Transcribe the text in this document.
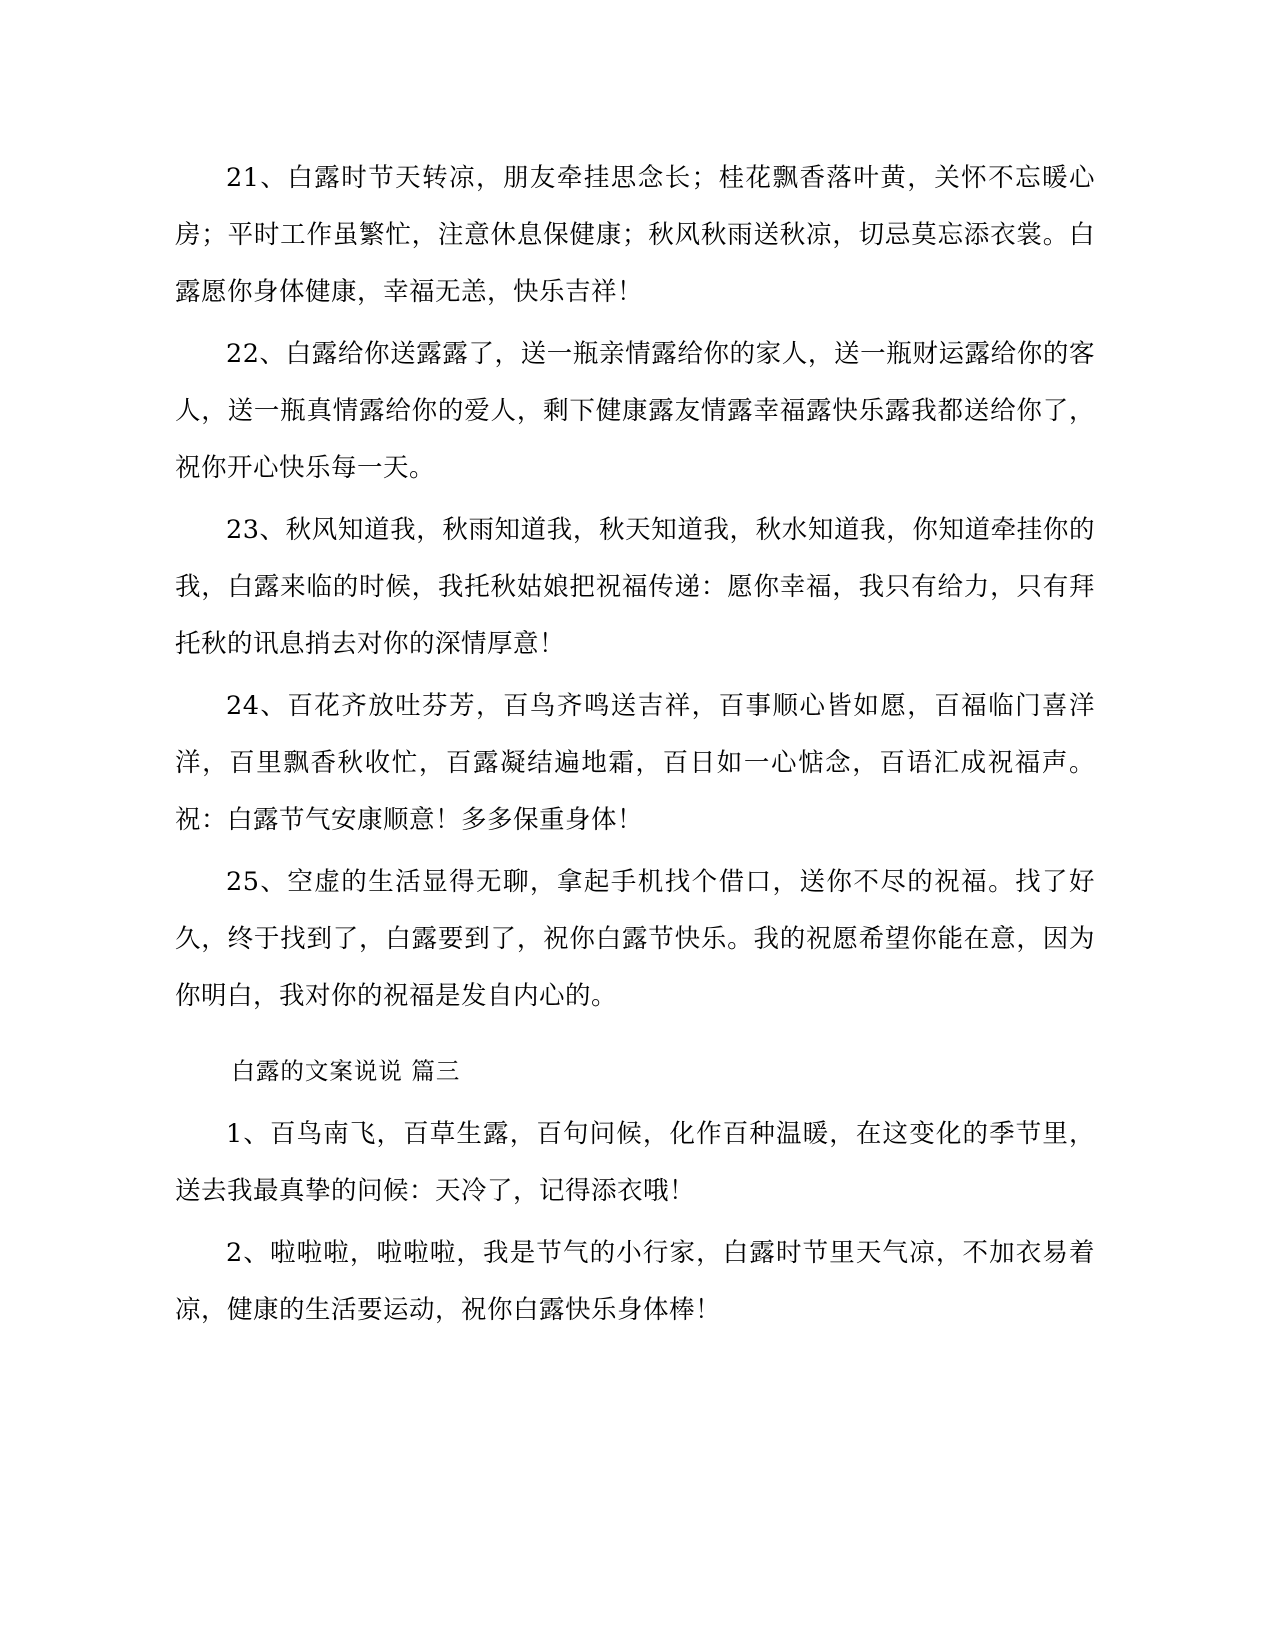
21、白露时节天转凉，朋友牵挂思念长；桂花飘香落叶黄，关怀不忘暖心房；平时工作虽繁忙，注意休息保健康；秋风秋雨送秋凉，切忌莫忘添衣裳。白露愿你身体健康，幸福无恙，快乐吉祥！

22、白露给你送露露了，送一瓶亲情露给你的家人，送一瓶财运露给你的客人，送一瓶真情露给你的爱人，剩下健康露友情露幸福露快乐露我都送给你了，祝你开心快乐每一天。

23、秋风知道我，秋雨知道我，秋天知道我，秋水知道我，你知道牵挂你的我，白露来临的时候，我托秋姑娘把祝福传递：愿你幸福，我只有给力，只有拜托秋的讯息捎去对你的深情厚意！

24、百花齐放吐芬芳，百鸟齐鸣送吉祥，百事顺心皆如愿，百福临门喜洋洋，百里飘香秋收忙，百露凝结遍地霜，百日如一心惦念，百语汇成祝福声。祝：白露节气安康顺意！多多保重身体！

25、空虚的生活显得无聊，拿起手机找个借口，送你不尽的祝福。找了好久，终于找到了，白露要到了，祝你白露节快乐。我的祝愿希望你能在意，因为你明白，我对你的祝福是发自内心的。

白露的文案说说 篇三

1、百鸟南飞，百草生露，百句问候，化作百种温暖，在这变化的季节里，送去我最真挚的问候：天冷了，记得添衣哦！

2、啦啦啦，啦啦啦，我是节气的小行家，白露时节里天气凉，不加衣易着凉，健康的生活要运动，祝你白露快乐身体棒！
